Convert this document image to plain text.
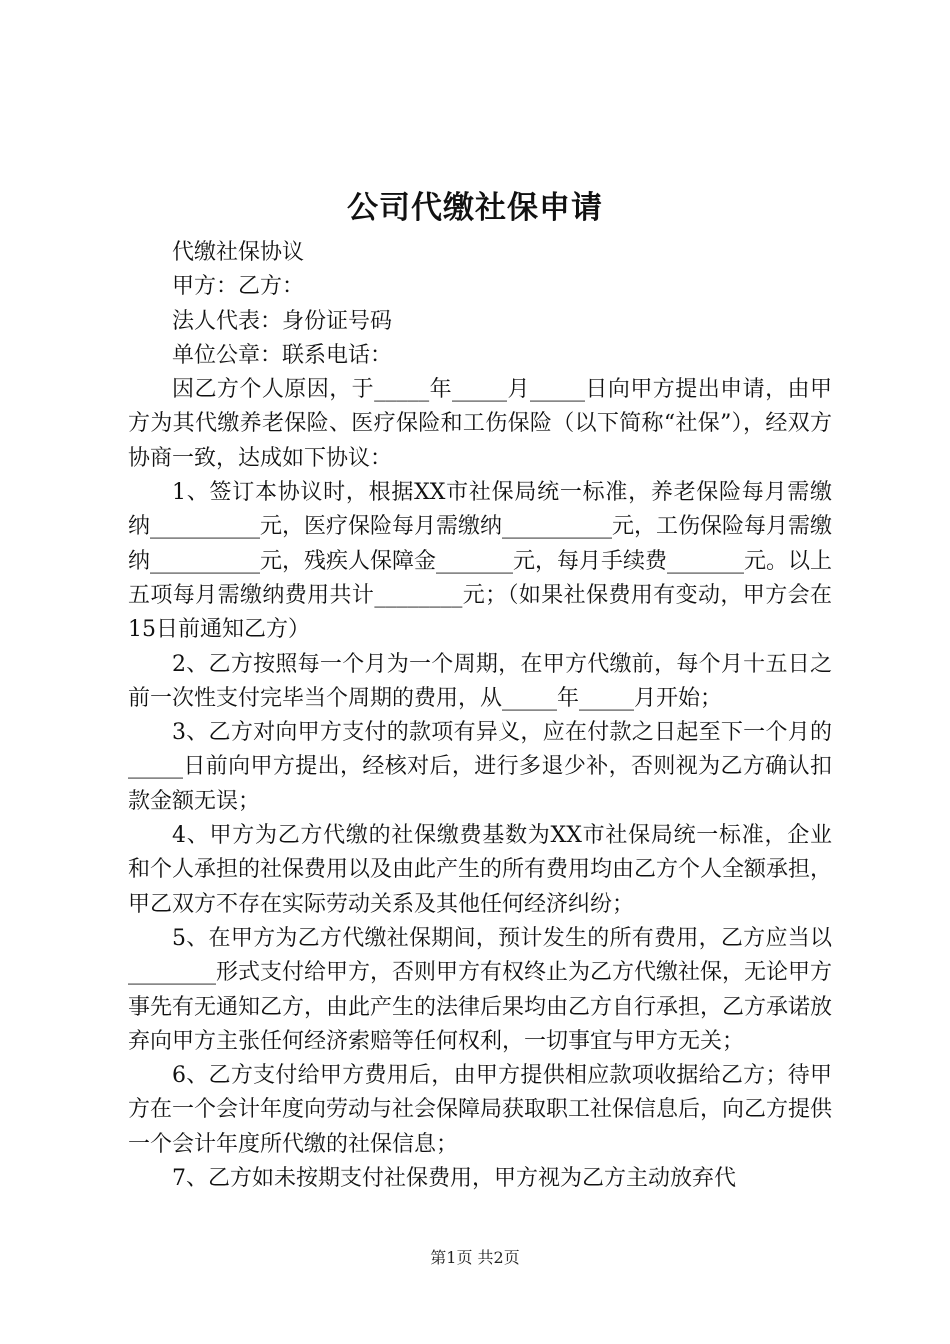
公司代缴社保申请

代缴社保协议

甲方：乙方：

法人代表：身份证号码

单位公章：联系电话：

因乙方个人原因，于_____年_____月_____日向甲方提出申请，由甲方为其代缴养老保险、医疗保险和工伤保险（以下简称“社保”），经双方协商一致，达成如下协议：

1、签订本协议时，根据XX市社保局统一标准，养老保险每月需缴纳__________元，医疗保险每月需缴纳__________元，工伤保险每月需缴纳__________元，残疾人保障金_______元，每月手续费_______元。以上五项每月需缴纳费用共计________元；（如果社保费用有变动，甲方会在15日前通知乙方）

2、乙方按照每一个月为一个周期，在甲方代缴前，每个月十五日之前一次性支付完毕当个周期的费用，从_____年_____月开始；

3、乙方对向甲方支付的款项有异义，应在付款之日起至下一个月的_____日前向甲方提出，经核对后，进行多退少补，否则视为乙方确认扣款金额无误；

4、甲方为乙方代缴的社保缴费基数为XX市社保局统一标准，企业和个人承担的社保费用以及由此产生的所有费用均由乙方个人全额承担，甲乙双方不存在实际劳动关系及其他任何经济纠纷；

5、在甲方为乙方代缴社保期间，预计发生的所有费用，乙方应当以________形式支付给甲方，否则甲方有权终止为乙方代缴社保，无论甲方事先有无通知乙方，由此产生的法律后果均由乙方自行承担，乙方承诺放弃向甲方主张任何经济索赔等任何权利，一切事宜与甲方无关；

6、乙方支付给甲方费用后，由甲方提供相应款项收据给乙方；待甲方在一个会计年度向劳动与社会保障局获取职工社保信息后，向乙方提供一个会计年度所代缴的社保信息；

7、乙方如未按期支付社保费用，甲方视为乙方主动放弃代

第1页 共2页
